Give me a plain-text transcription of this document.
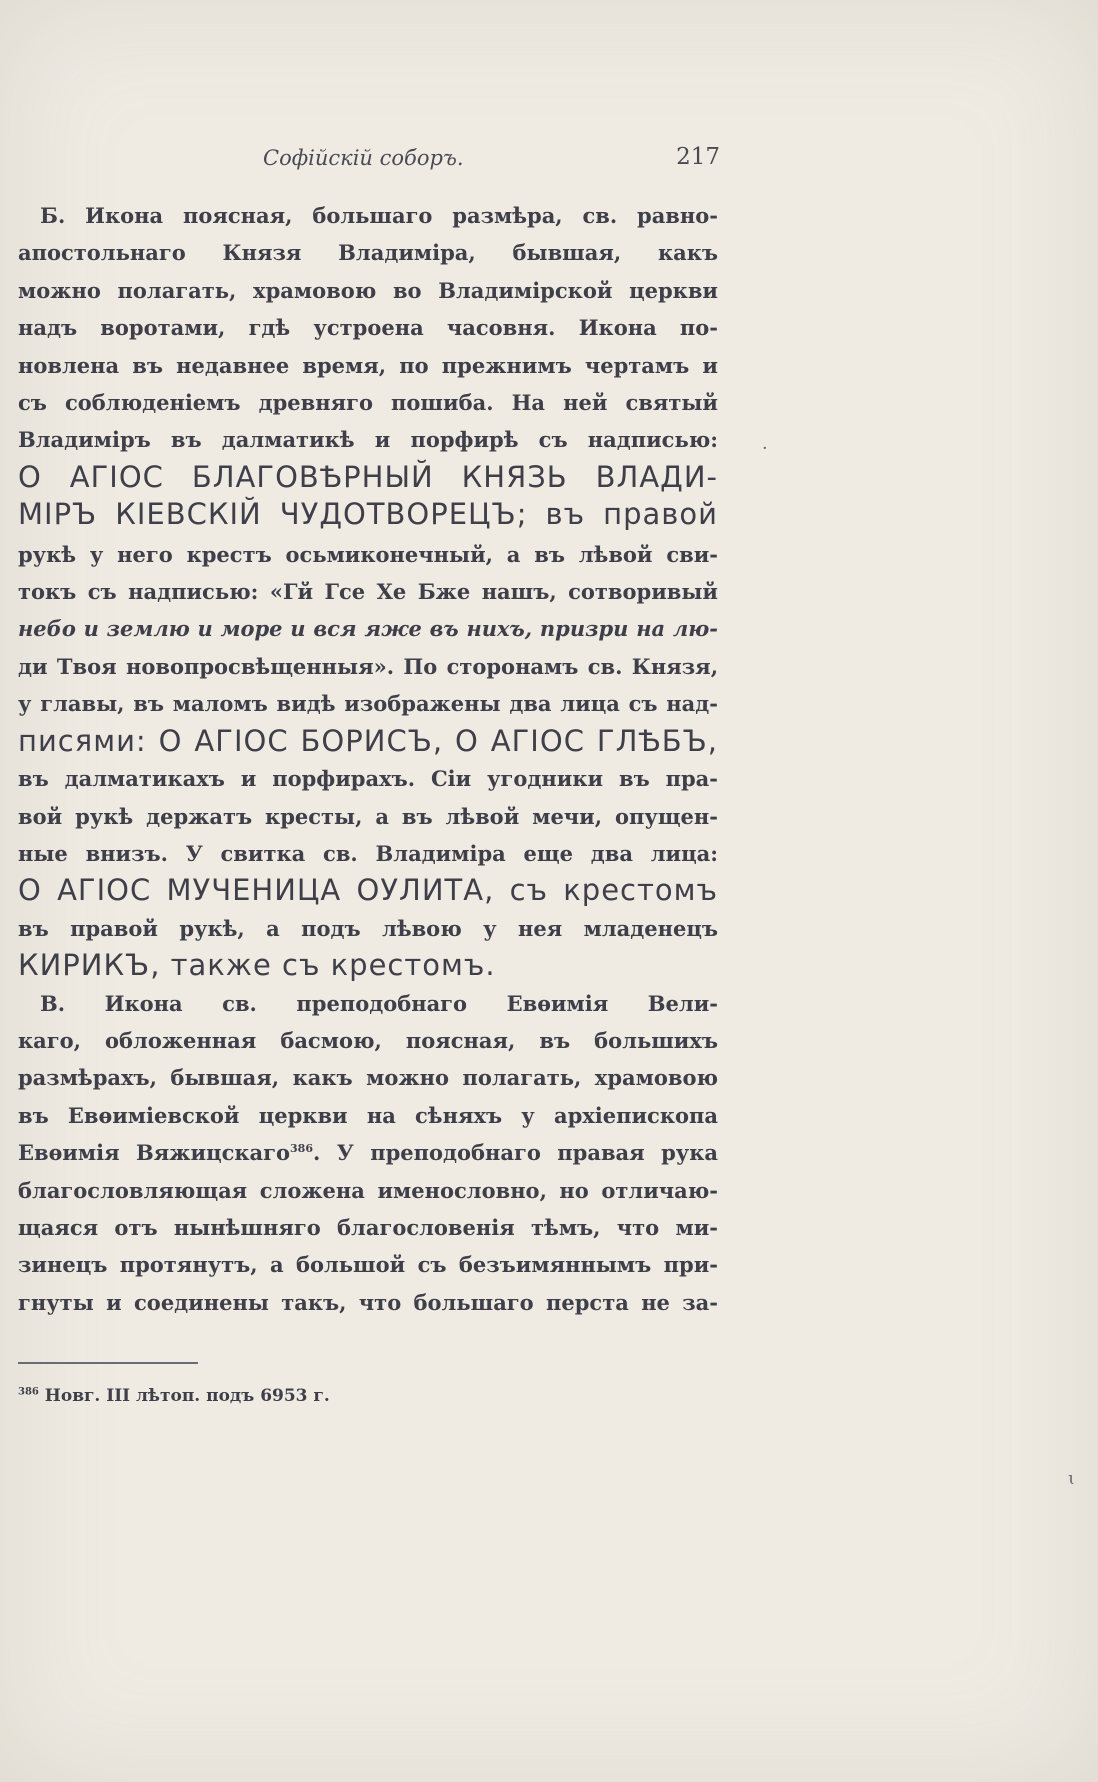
Софійскій соборъ.	217

Б. Икона поясная, большаго размѣра, св. равно-

апостольнаго Князя Владиміра, бывшая, какъ

можно полагать, храмовою во Владимірской церкви

надъ воротами, гдѣ устроена часовня. Икона по-

новлена въ недавнее время, по прежнимъ чертамъ и

съ соблюденіемъ древняго пошиба. На ней святый

Владиміръ въ далматикѣ и порфирѣ съ надписью:

О АГІОС БЛАГОВѢРНЫЙ КНЯЗЬ ВЛАДИ-

МІРЪ КІЕВСКІЙ ЧУДОТВОРЕЦЪ; въ правой

рукѣ у него крестъ осьмиконечный, а въ лѣвой сви-

токъ съ надписью: «Гй Гсе Хе Бже нашъ, сотворивый

небо и землю и море и вся яже въ нихъ, призри на лю-

ди Твоя новопросвѣщенныя». По сторонамъ св. Князя,

у главы, въ маломъ видѣ изображены два лица съ над-

писями: О АГІОС БОРИСЪ, О АГІОС ГЛѢБЪ,

въ далматикахъ и порфирахъ. Сіи угодники въ пра-

вой рукѣ держатъ кресты, а въ лѣвой мечи, опущен-

ные внизъ. У свитка св. Владиміра еще два лица:

О АГІОС МУЧЕНИЦА ОУЛИТА, съ крестомъ

въ правой рукѣ, а подъ лѣвою у нея младенецъ

КИРИКЪ, также съ крестомъ.

В. Икона св. преподобнаго Евѳимія Вели-

каго, обложенная басмою, поясная, въ большихъ

размѣрахъ, бывшая, какъ можно полагать, храмовою

въ Евѳиміевской церкви на сѣняхъ у архіепископа

Евѳимія Вяжицскаго$^{386}$. У преподобнаго правая рука

благословляющая сложена именословно, но отличаю-

щаяся отъ нынѣшняго благословенія тѣмъ, что ми-

зинецъ протянутъ, а большой съ безъимяннымъ при-

гнуты и соединены такъ, что большаго перста не за-

$^{386}$ Новг. III лѣтоп. подъ 6953 г.
·
ɩ
